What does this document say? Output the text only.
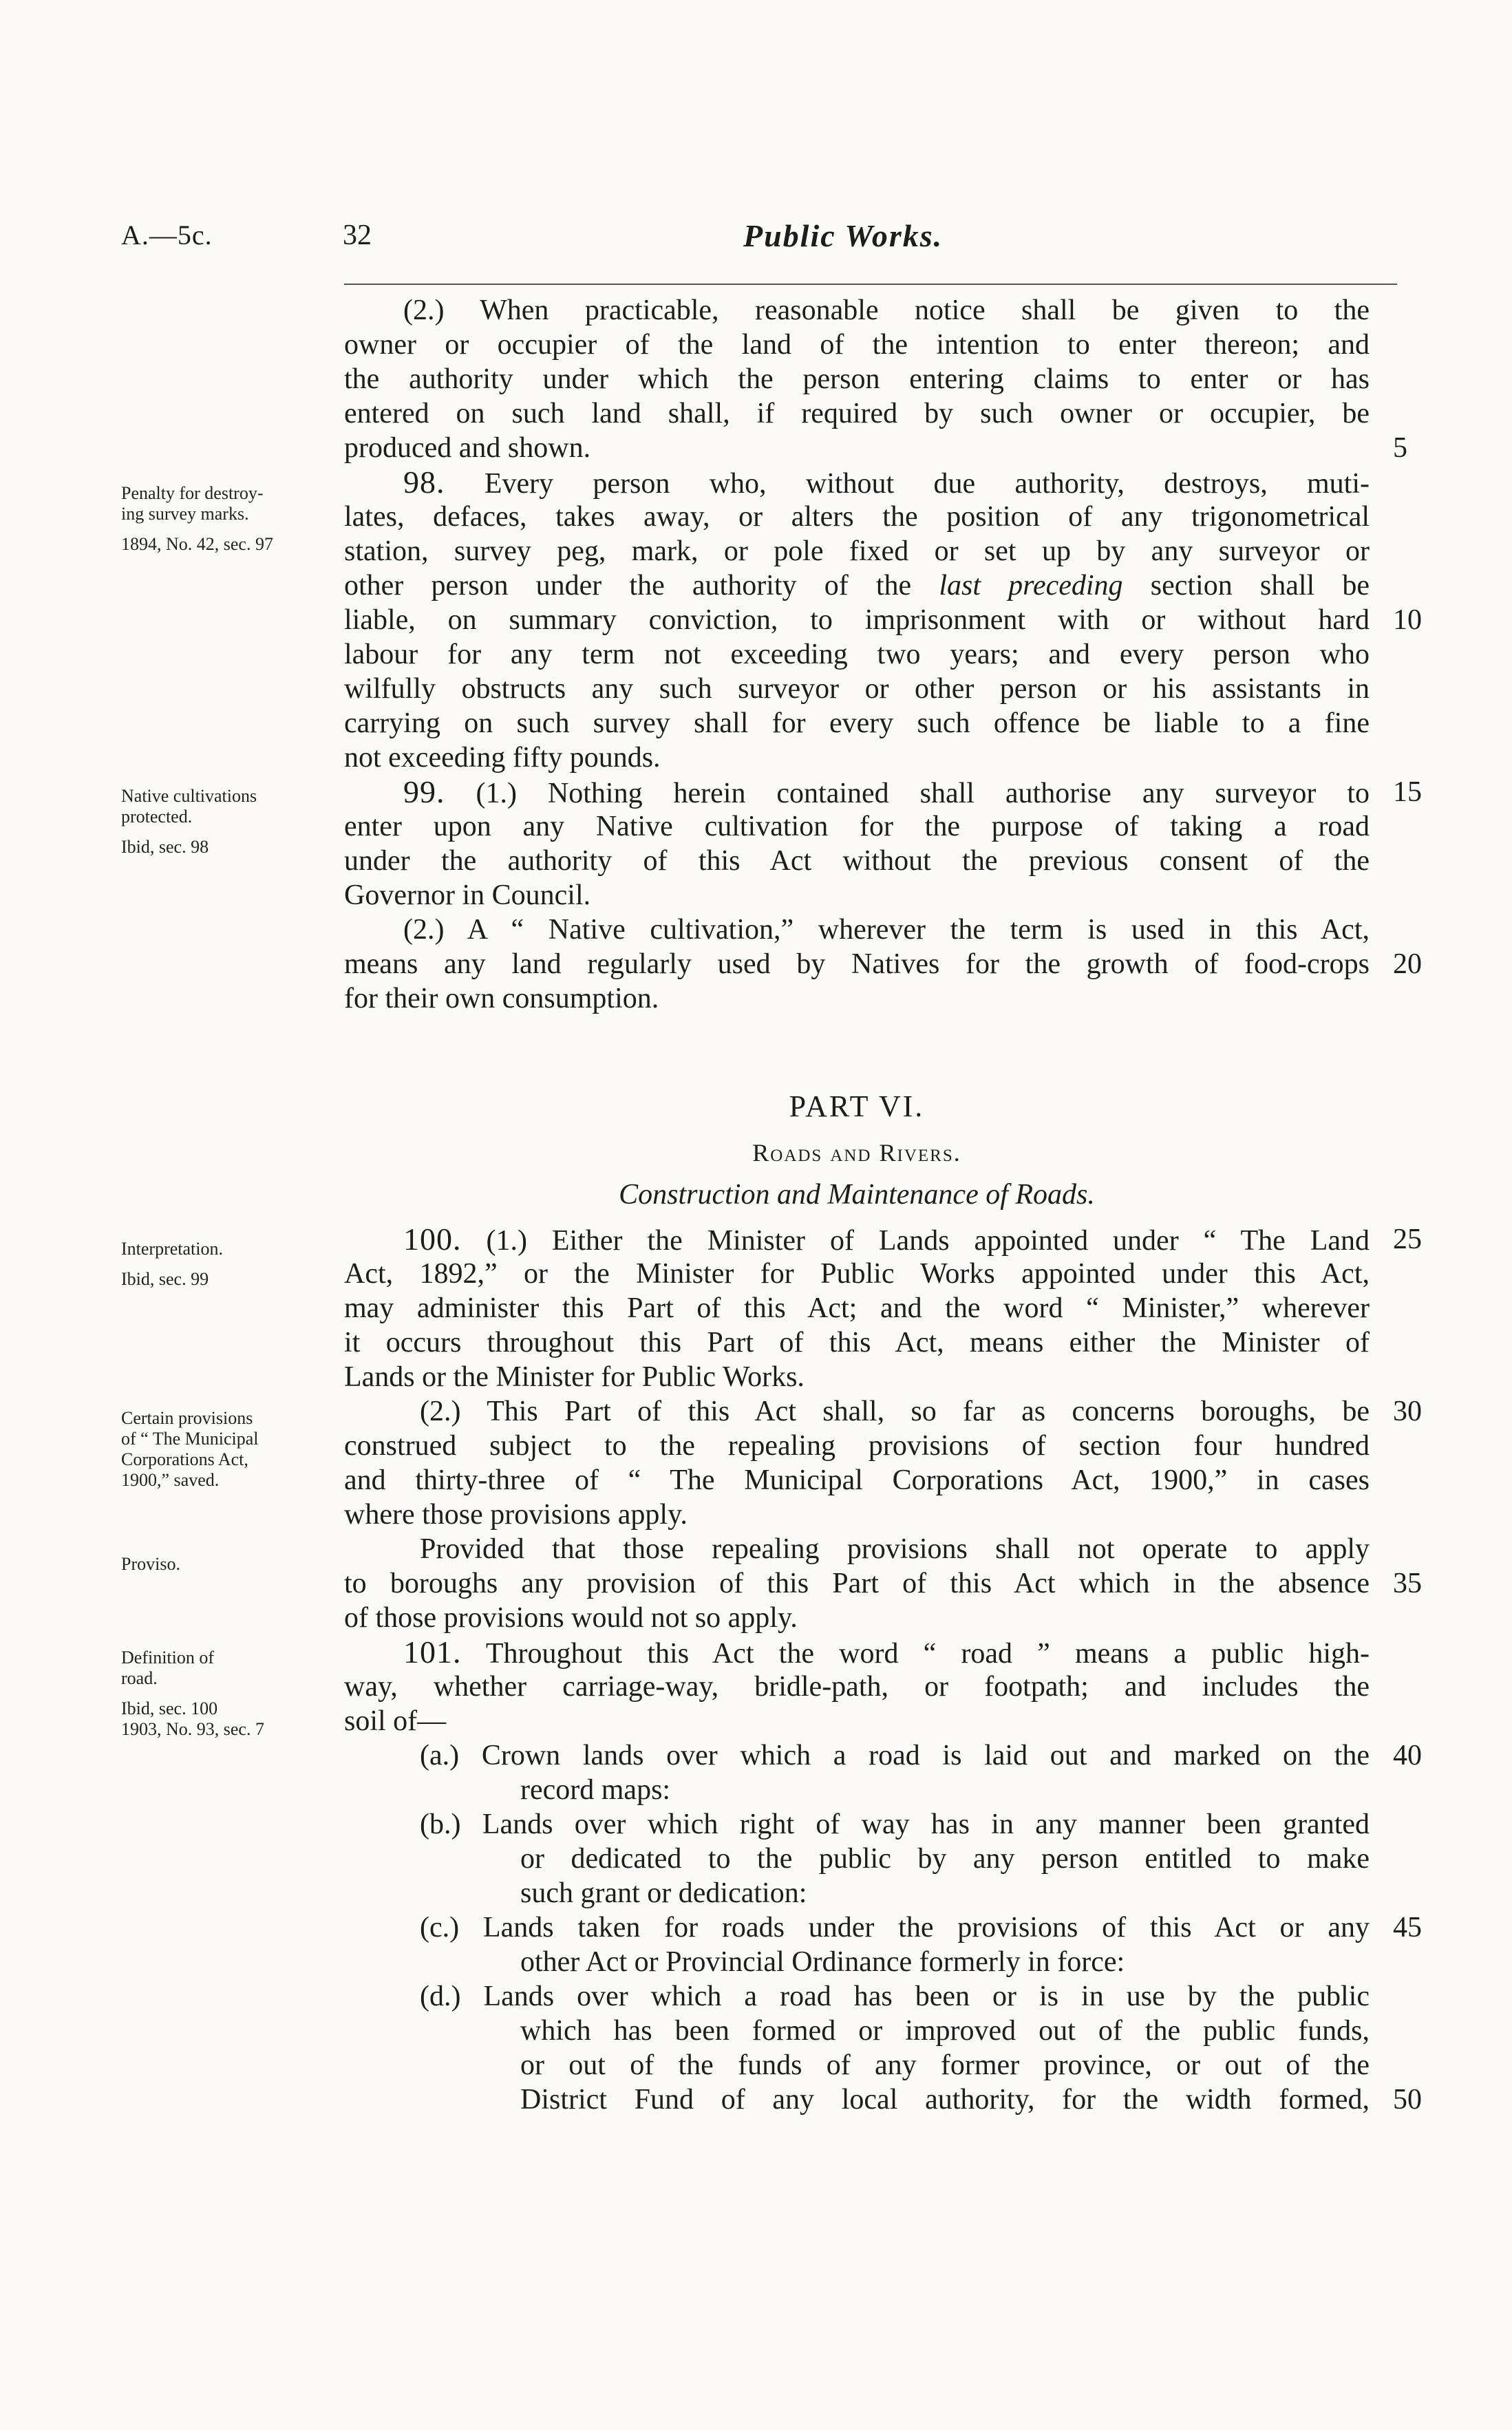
A.—5c.	32	Public Works.
Penalty for destroy-
ing survey marks.
1894, No. 42, sec. 97
Native cultivations
protected.
Ibid, sec. 98
Interpretation.
Ibid, sec. 99
Certain provisions
of “ The Municipal
Corporations Act,
1900,” saved.
Proviso.
Definition of
road.
Ibid, sec. 100
1903, No. 93, sec. 7
(2.) When practicable, reasonable notice shall be given to the
owner or occupier of the land of the intention to enter thereon; and
the authority under which the person entering claims to enter or has
entered on such land shall, if required by such owner or occupier, be
produced and shown.
98. Every person who, without due authority, destroys, muti-
lates, defaces, takes away, or alters the position of any trigonometrical
station, survey peg, mark, or pole fixed or set up by any surveyor or
other person under the authority of the last preceding section shall be
liable, on summary conviction, to imprisonment with or without hard
labour for any term not exceeding two years; and every person who
wilfully obstructs any such surveyor or other person or his assistants in
carrying on such survey shall for every such offence be liable to a fine
not exceeding fifty pounds.
99. (1.) Nothing herein contained shall authorise any surveyor to
enter upon any Native cultivation for the purpose of taking a road
under the authority of this Act without the previous consent of the
Governor in Council.
(2.) A “ Native cultivation,” wherever the term is used in this Act,
means any land regularly used by Natives for the growth of food-crops
for their own consumption.
PART VI.
Roads and Rivers.
Construction and Maintenance of Roads.
100. (1.) Either the Minister of Lands appointed under “ The Land
Act, 1892,” or the Minister for Public Works appointed under this Act,
may administer this Part of this Act; and the word “ Minister,” wherever
it occurs throughout this Part of this Act, means either the Minister of
Lands or the Minister for Public Works.
(2.) This Part of this Act shall, so far as concerns boroughs, be
construed subject to the repealing provisions of section four hundred
and thirty-three of “ The Municipal Corporations Act, 1900,” in cases
where those provisions apply.
Provided that those repealing provisions shall not operate to apply
to boroughs any provision of this Part of this Act which in the absence
of those provisions would not so apply.
101. Throughout this Act the word “ road ” means a public high-
way, whether carriage-way, bridle-path, or footpath; and includes the
soil of—
(a.) Crown lands over which a road is laid out and marked on the
record maps:
(b.) Lands over which right of way has in any manner been granted
or dedicated to the public by any person entitled to make
such grant or dedication:
(c.) Lands taken for roads under the provisions of this Act or any
other Act or Provincial Ordinance formerly in force:
(d.) Lands over which a road has been or is in use by the public
which has been formed or improved out of the public funds,
or out of the funds of any former province, or out of the
District Fund of any local authority, for the width formed,
5
10
15
20
25
30
35
40
45
50
